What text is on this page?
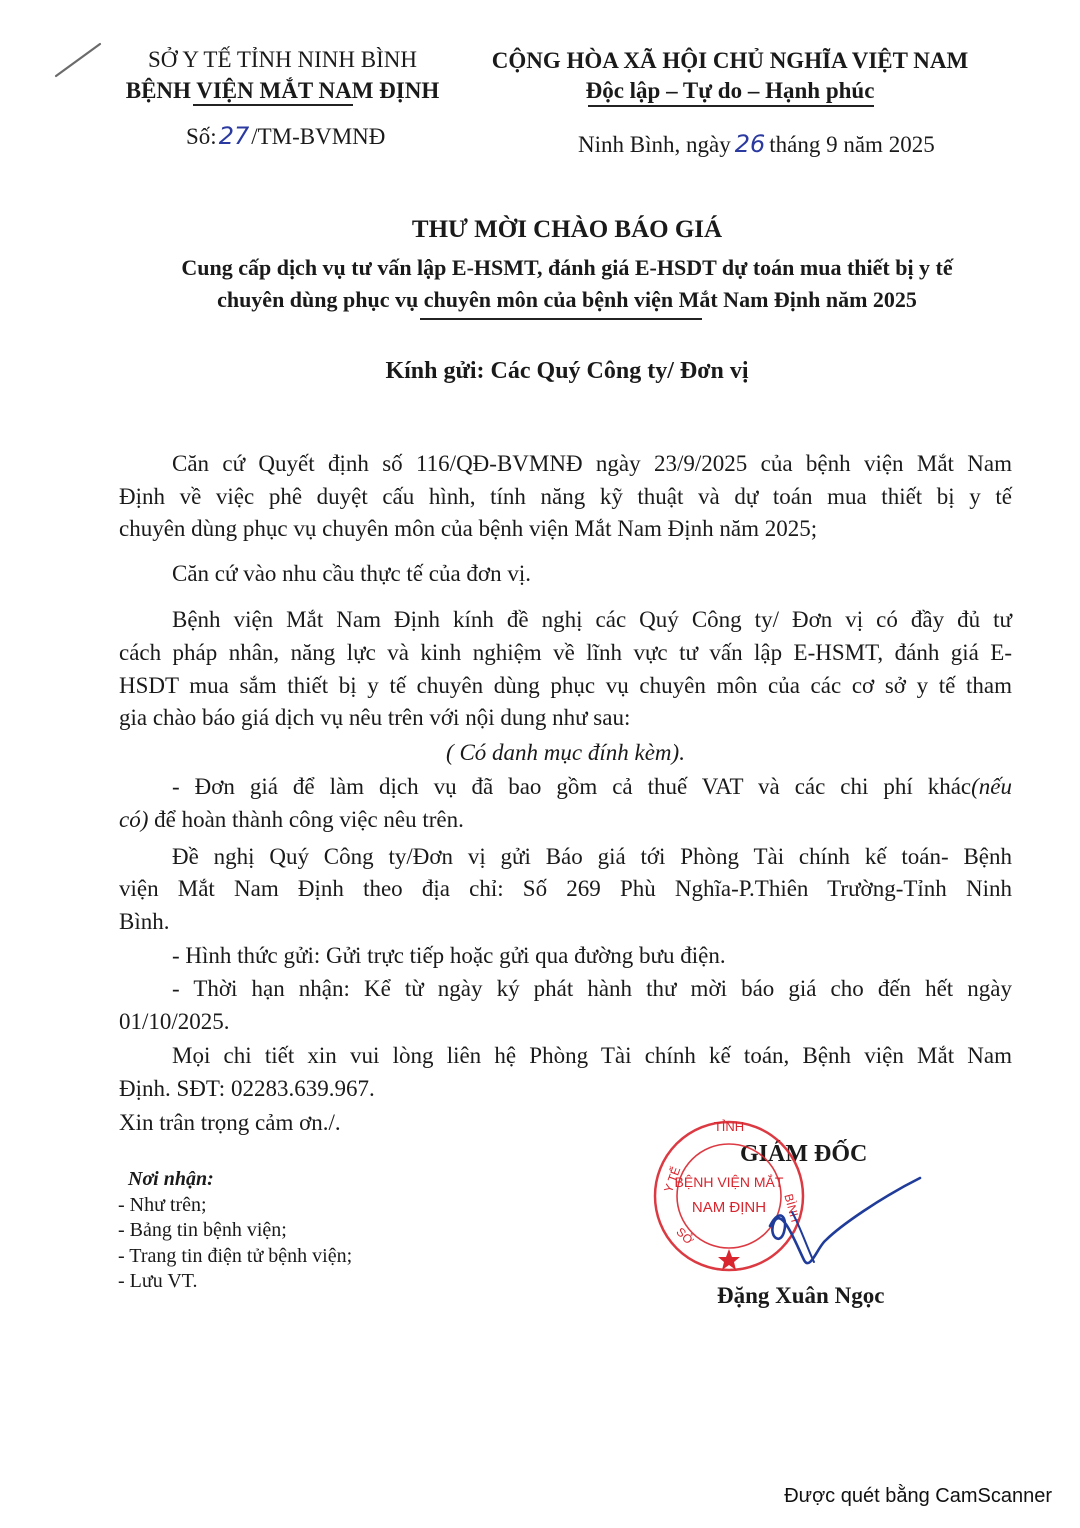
SỞ Y TẾ TỈNH NINH BÌNH
BỆNH VIỆN MẮT NAM ĐỊNH
Số:27/TM-BVMNĐ
CỘNG HÒA XÃ HỘI CHỦ NGHĨA VIỆT NAM
Độc lập – Tự do – Hạnh phúc
Ninh Bình, ngày 26 tháng 9 năm 2025
THƯ MỜI CHÀO BÁO GIÁ
Cung cấp dịch vụ tư vấn lập E-HSMT, đánh giá E-HSDT dự toán mua thiết bị y tế
chuyên dùng phục vụ chuyên môn của bệnh viện Mắt Nam Định năm 2025
Kính gửi: Các Quý Công ty/ Đơn vị
Căn cứ Quyết định số 116/QĐ-BVMNĐ ngày 23/9/2025 của bệnh viện Mắt Nam
Định về việc phê duyệt cấu hình, tính năng kỹ thuật và dự toán mua thiết bị y tế
chuyên dùng phục vụ chuyên môn của bệnh viện Mắt Nam Định năm 2025;
Căn cứ vào nhu cầu thực tế của đơn vị.
Bệnh viện Mắt Nam Định kính đề nghị các Quý Công ty/ Đơn vị có đầy đủ tư
cách pháp nhân, năng lực và kinh nghiệm về lĩnh vực tư vấn lập E-HSMT, đánh giá E-
HSDT mua sắm thiết bị y tế chuyên dùng phục vụ chuyên môn của các cơ sở y tế tham
gia chào báo giá dịch vụ nêu trên với nội dung như sau:
( Có danh mục đính kèm).
- Đơn giá để làm dịch vụ đã bao gồm cả thuế VAT và các chi phí khác(nếu
có) để hoàn thành công việc nêu trên.
Đề nghị Quý Công ty/Đơn vị gửi Báo giá tới Phòng Tài chính kế toán- Bệnh
viện Mắt Nam Định theo địa chỉ: Số 269 Phù Nghĩa-P.Thiên Trường-Tỉnh Ninh
Bình.
- Hình thức gửi: Gửi trực tiếp hoặc gửi qua đường bưu điện.
- Thời hạn nhận: Kể từ ngày ký phát hành thư mời báo giá cho đến hết ngày
01/10/2025.
Mọi chi tiết xin vui lòng liên hệ Phòng Tài chính kế toán, Bệnh viện Mắt Nam
Định. SĐT: 02283.639.967.
Xin trân trọng cảm ơn./.
Nơi nhận:
- Như trên;
- Bảng tin bệnh viện;
- Trang tin điện tử bệnh viện;
- Lưu VT.
GIÁM ĐỐC
TỈNH
Y TẾ
BÌNH
SỞ
BỆNH VIỆN MẮT
NAM ĐỊNH
Đặng Xuân Ngọc
Được quét bằng CamScanner
